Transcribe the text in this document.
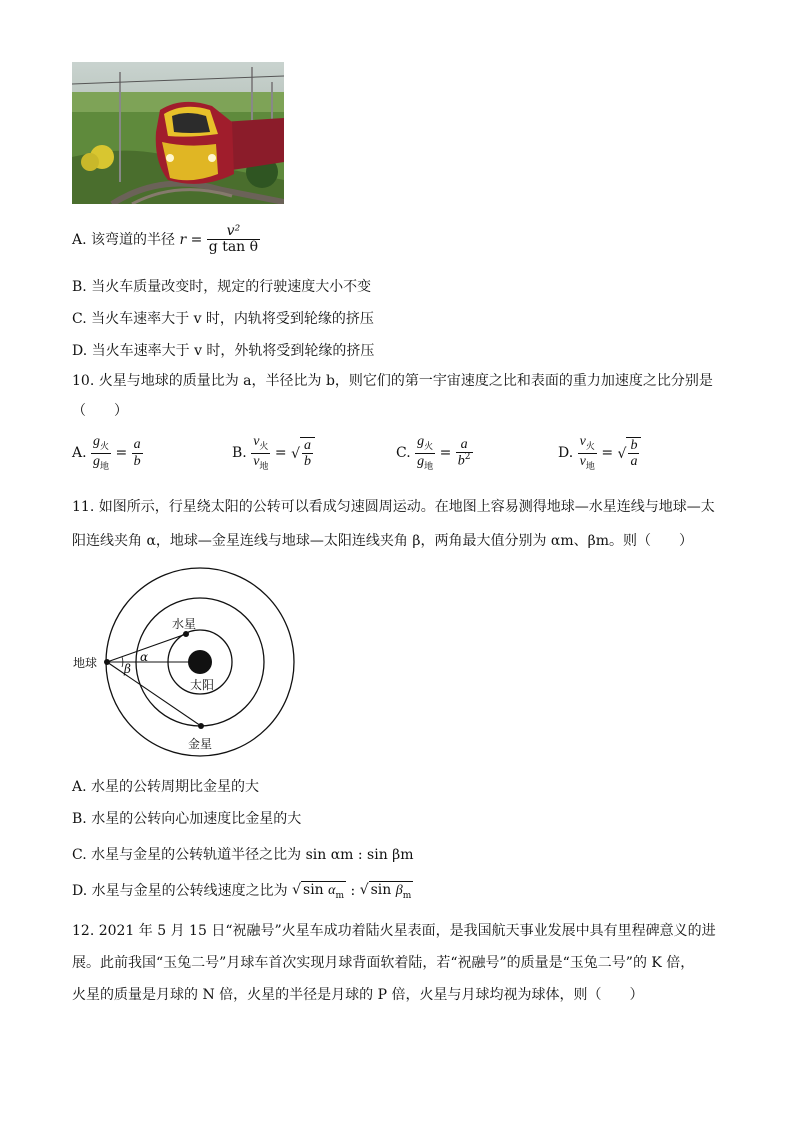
A. 该弯道的半径 $r = \frac{\text{v²}}{\text{g tan θ}}$
B. 当火车质量改变时，规定的行驶速度大小不变
C. 当火车速率大于 v 时，内轨将受到轮缘的挤压
D. 当火车速率大于 v 时，外轨将受到轮缘的挤压
10. 火星与地球的质量比为 a，半径比为 b，则它们的第一宇宙速度之比和表面的重力加速度之比分别是
（　　）
A. $\frac{g_火}{g_地} = \frac{a}{b}$	B. $\frac{v_火}{v_地}$ = √ $\frac{a}{b}$	C. $\frac{g_火}{g_地} = \frac{a}{b^2}$	D. $\frac{v_火}{v_地}$ = √ $\frac{b}{a}$
11. 如图所示，行星绕太阳的公转可以看成匀速圆周运动。在地图上容易测得地球—水星连线与地球—太
阳连线夹角 α，地球—金星连线与地球—太阳连线夹角 β，两角最大值分别为 αm、βm。则（　　）
地球
水星
金星
太阳
α
β
A. 水星的公转周期比金星的大
B. 水星的公转向心加速度比金星的大
C. 水星与金星的公转轨道半径之比为 sin αm : sin βm
D. 水星与金星的公转线速度之比为 √ $\sin \alpha_m$ : √ $\sin \beta_m$
12. 2021 年 5 月 15 日“祝融号”火星车成功着陆火星表面，是我国航天事业发展中具有里程碑意义的进
展。此前我国“玉兔二号”月球车首次实现月球背面软着陆，若“祝融号”的质量是“玉兔二号”的 K 倍，
火星的质量是月球的 N 倍，火星的半径是月球的 P 倍，火星与月球均视为球体，则（　　）
